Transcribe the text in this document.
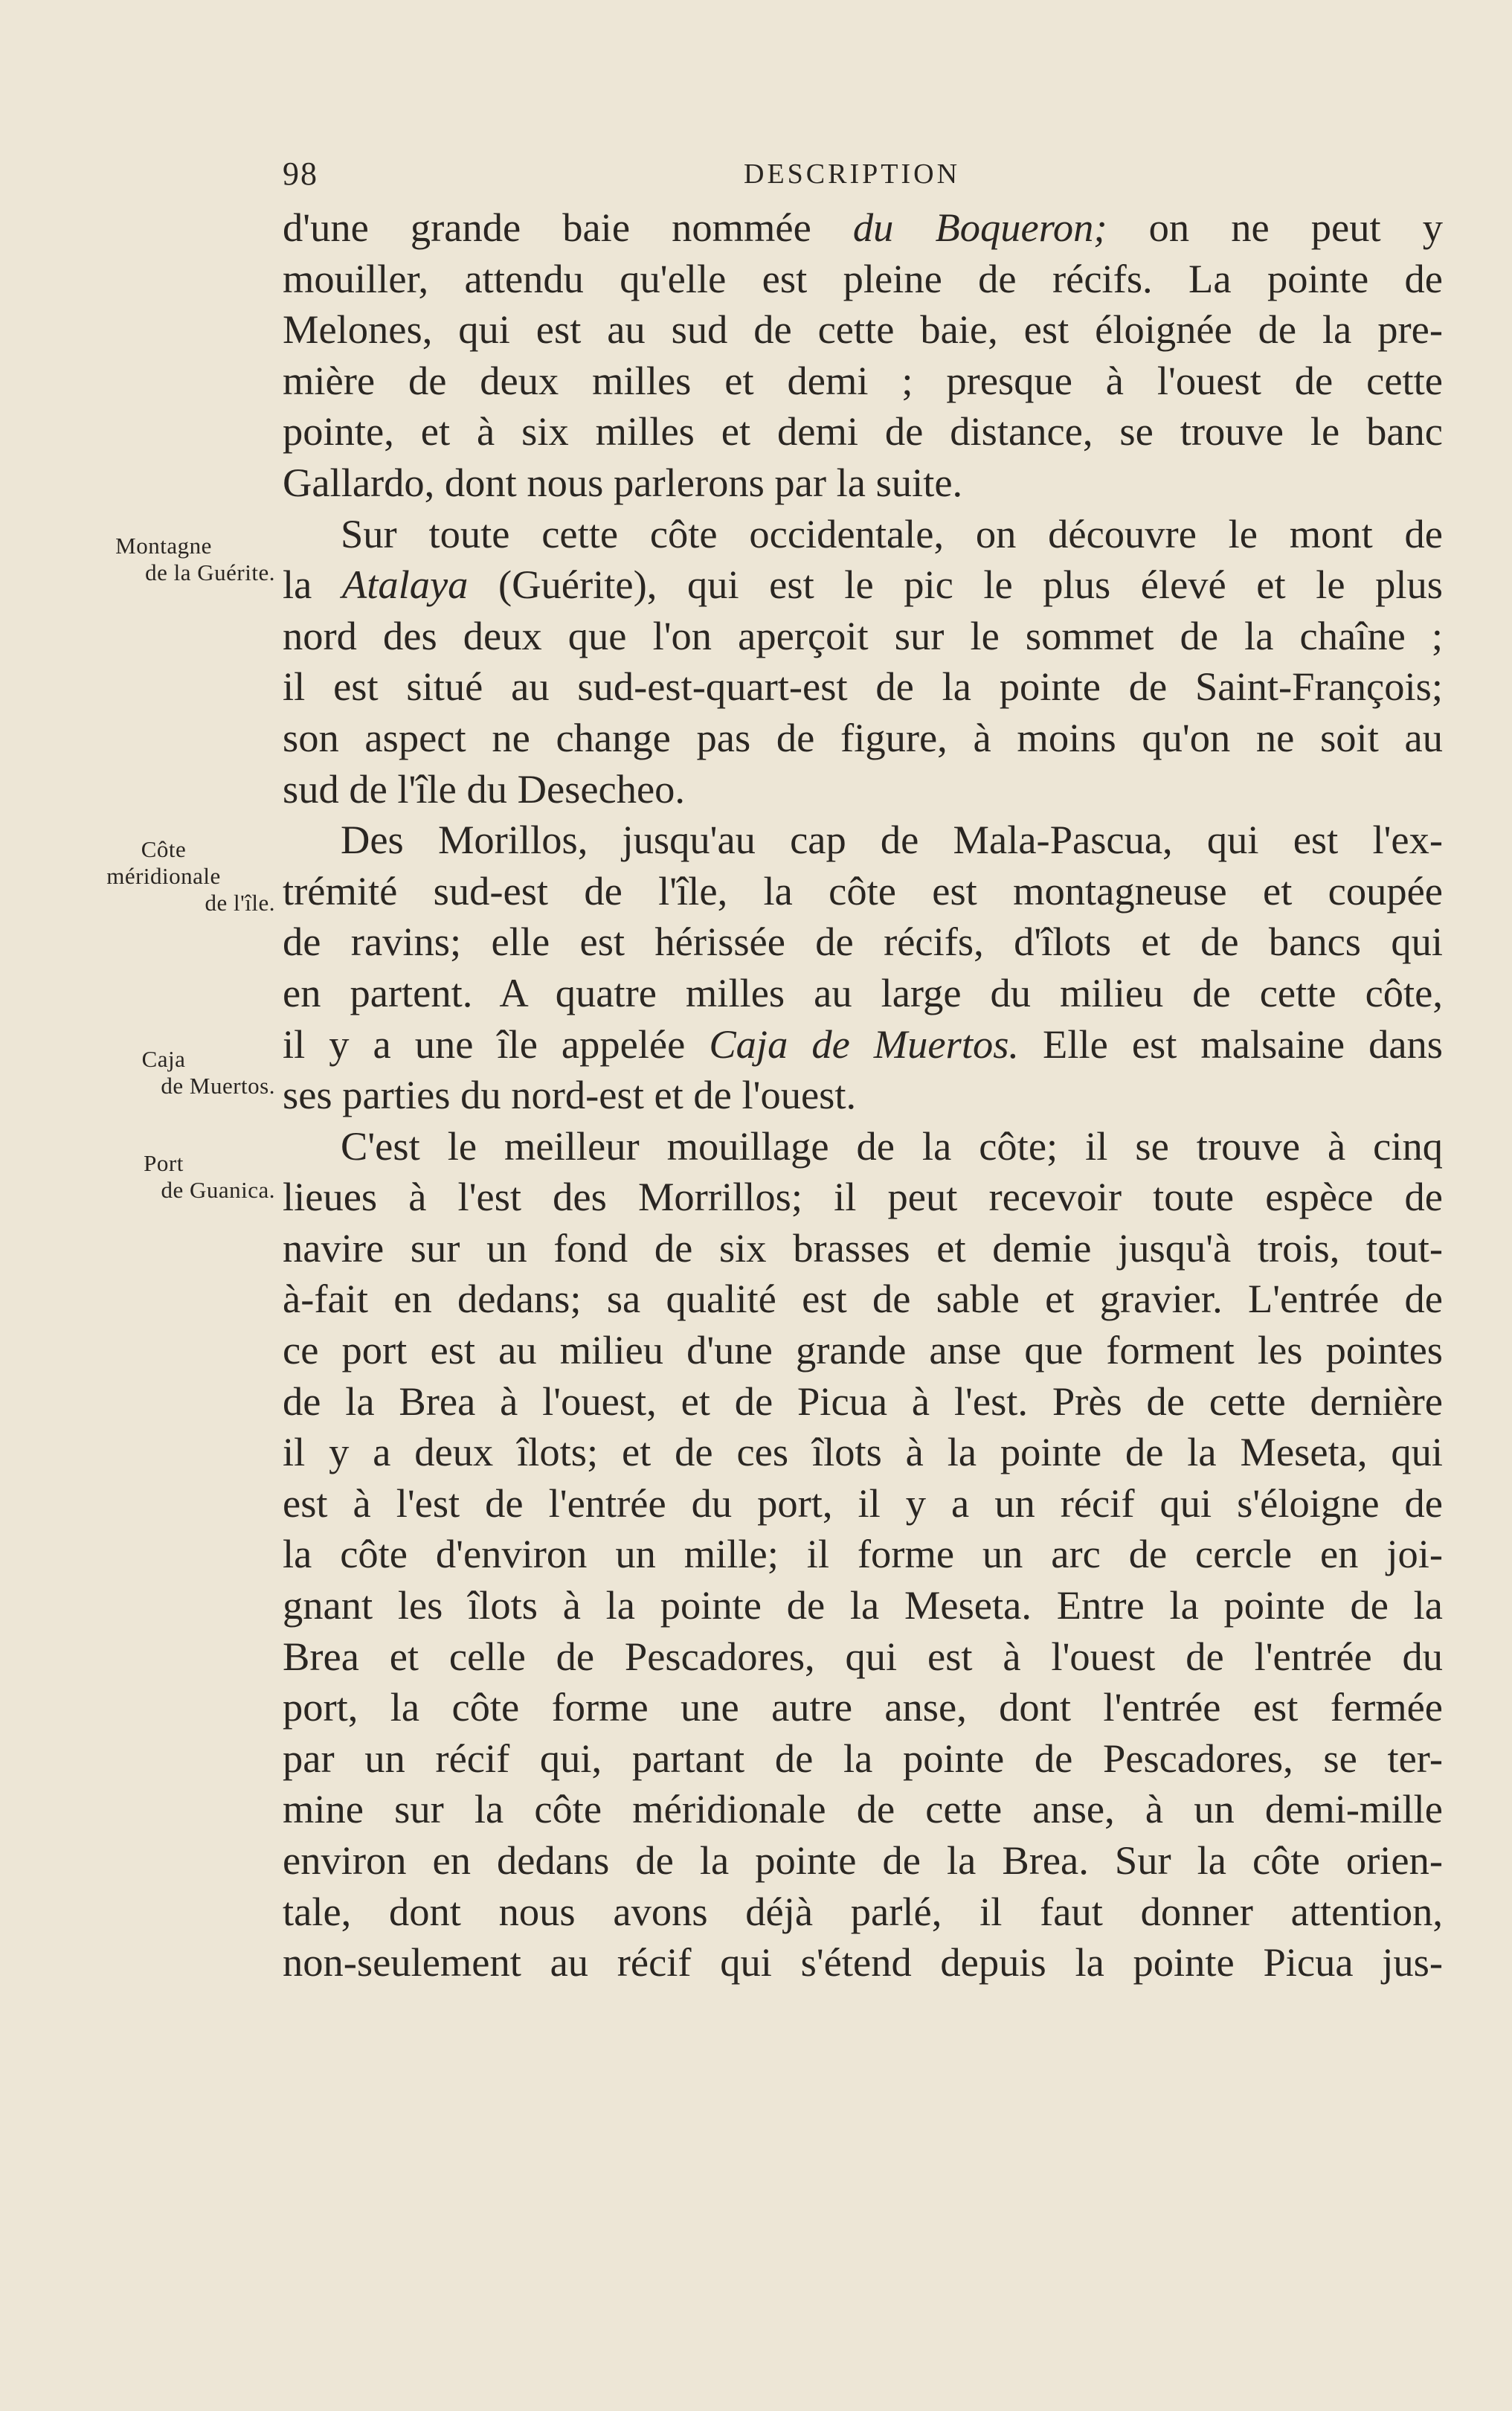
98	DESCRIPTION
Montagne
de la Guérite.
Côte
méridionale
de l'île.
Caja
de Muertos.
Port
de Guanica.
d'une grande baie nommée du Boqueron; on ne peut y
mouiller, attendu qu'elle est pleine de récifs. La pointe de
Melones, qui est au sud de cette baie, est éloignée de la pre-
mière de deux milles et demi ; presque à l'ouest de cette
pointe, et à six milles et demi de distance, se trouve le banc
Gallardo, dont nous parlerons par la suite.
Sur toute cette côte occidentale, on découvre le mont de
la Atalaya (Guérite), qui est le pic le plus élevé et le plus
nord des deux que l'on aperçoit sur le sommet de la chaîne ;
il est situé au sud-est-quart-est de la pointe de Saint-François;
son aspect ne change pas de figure, à moins qu'on ne soit au
sud de l'île du Desecheo.
Des Morillos, jusqu'au cap de Mala-Pascua, qui est l'ex-
trémité sud-est de l'île, la côte est montagneuse et coupée
de ravins; elle est hérissée de récifs, d'îlots et de bancs qui
en partent. A quatre milles au large du milieu de cette côte,
il y a une île appelée Caja de Muertos. Elle est malsaine dans
ses parties du nord-est et de l'ouest.
C'est le meilleur mouillage de la côte; il se trouve à cinq
lieues à l'est des Morrillos; il peut recevoir toute espèce de
navire sur un fond de six brasses et demie jusqu'à trois, tout-
à-fait en dedans; sa qualité est de sable et gravier. L'entrée de
ce port est au milieu d'une grande anse que forment les pointes
de la Brea à l'ouest, et de Picua à l'est. Près de cette dernière
il y a deux îlots; et de ces îlots à la pointe de la Meseta, qui
est à l'est de l'entrée du port, il y a un récif qui s'éloigne de
la côte d'environ un mille; il forme un arc de cercle en joi-
gnant les îlots à la pointe de la Meseta. Entre la pointe de la
Brea et celle de Pescadores, qui est à l'ouest de l'entrée du
port, la côte forme une autre anse, dont l'entrée est fermée
par un récif qui, partant de la pointe de Pescadores, se ter-
mine sur la côte méridionale de cette anse, à un demi-mille
environ en dedans de la pointe de la Brea. Sur la côte orien-
tale, dont nous avons déjà parlé, il faut donner attention,
non-seulement au récif qui s'étend depuis la pointe Picua jus-
